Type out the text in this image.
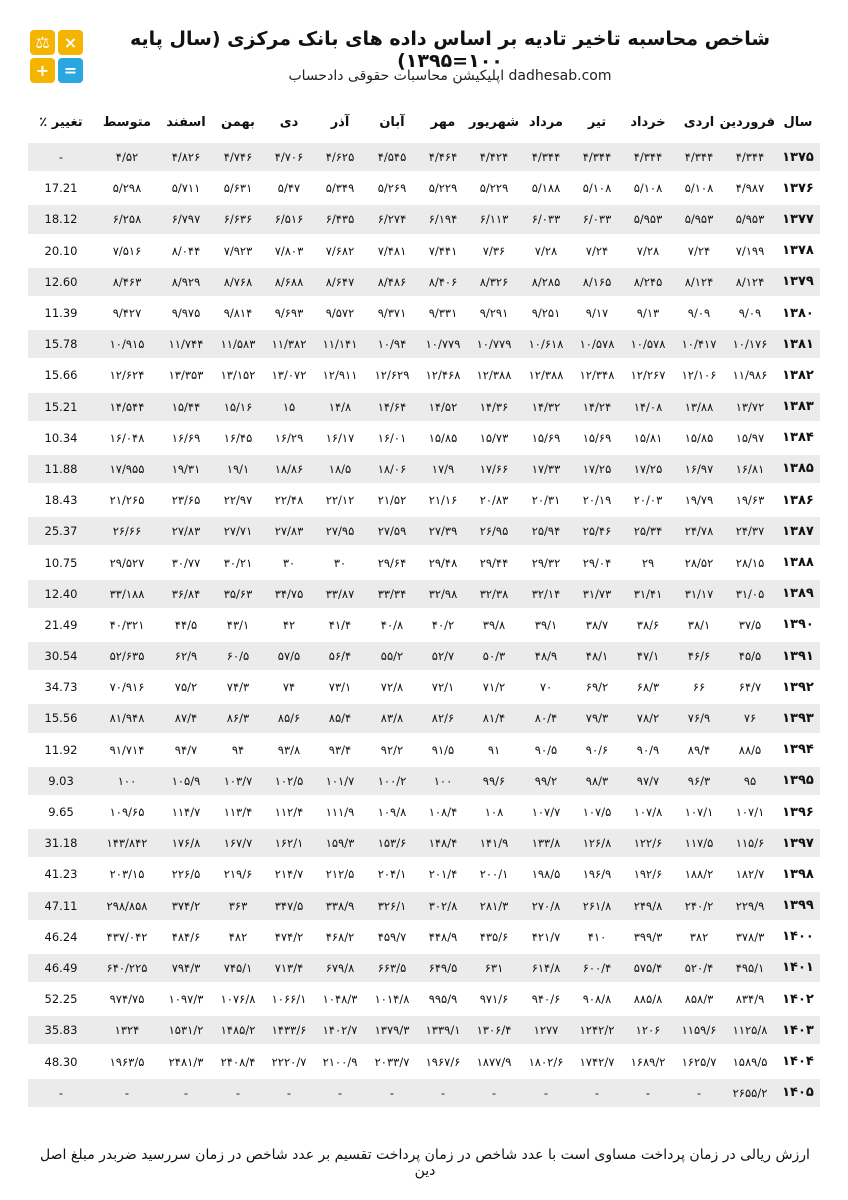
⚖ ×
+ =
شاخص محاسبه تاخیر تادیه بر اساس داده های بانک مرکزی (سال پایه ۱۰۰=۱۳۹۵)
dadhesab.com اپلیکیشن محاسبات حقوقی دادحساب
سال	فروردین	اردی	خرداد	تیر	مرداد	شهریور	مهر	آبان	آذر	دی	بهمن	اسفند	متوسط	تغییر ٪
۱۳۷۵	۴/۳۴۴	۴/۳۴۴	۴/۳۴۴	۴/۳۴۴	۴/۳۴۴	۴/۴۲۴	۴/۴۶۴	۴/۵۴۵	۴/۶۲۵	۴/۷۰۶	۴/۷۴۶	۴/۸۲۶	۴/۵۲	-
۱۳۷۶	۴/۹۸۷	۵/۱۰۸	۵/۱۰۸	۵/۱۰۸	۵/۱۸۸	۵/۲۲۹	۵/۲۲۹	۵/۲۶۹	۵/۳۴۹	۵/۴۷	۵/۶۳۱	۵/۷۱۱	۵/۲۹۸	17.21
۱۳۷۷	۵/۹۵۳	۵/۹۵۳	۵/۹۵۳	۶/۰۳۳	۶/۰۳۳	۶/۱۱۳	۶/۱۹۴	۶/۲۷۴	۶/۴۳۵	۶/۵۱۶	۶/۶۳۶	۶/۷۹۷	۶/۲۵۸	18.12
۱۳۷۸	۷/۱۹۹	۷/۲۴	۷/۲۸	۷/۲۴	۷/۲۸	۷/۳۶	۷/۴۴۱	۷/۴۸۱	۷/۶۸۲	۷/۸۰۳	۷/۹۲۳	۸/۰۴۴	۷/۵۱۶	20.10
۱۳۷۹	۸/۱۲۴	۸/۱۲۴	۸/۲۴۵	۸/۱۶۵	۸/۲۸۵	۸/۳۲۶	۸/۴۰۶	۸/۴۸۶	۸/۶۴۷	۸/۶۸۸	۸/۷۶۸	۸/۹۲۹	۸/۴۶۳	12.60
۱۳۸۰	۹/۰۹	۹/۰۹	۹/۱۳	۹/۱۷	۹/۲۵۱	۹/۲۹۱	۹/۳۳۱	۹/۳۷۱	۹/۵۷۲	۹/۶۹۳	۹/۸۱۴	۹/۹۷۵	۹/۴۲۷	11.39
۱۳۸۱	۱۰/۱۷۶	۱۰/۴۱۷	۱۰/۵۷۸	۱۰/۵۷۸	۱۰/۶۱۸	۱۰/۷۷۹	۱۰/۷۷۹	۱۰/۹۴	۱۱/۱۴۱	۱۱/۳۸۲	۱۱/۵۸۳	۱۱/۷۴۴	۱۰/۹۱۵	15.78
۱۳۸۲	۱۱/۹۸۶	۱۲/۱۰۶	۱۲/۲۶۷	۱۲/۳۴۸	۱۲/۳۸۸	۱۲/۳۸۸	۱۲/۴۶۸	۱۲/۶۲۹	۱۲/۹۱۱	۱۳/۰۷۲	۱۳/۱۵۲	۱۳/۳۵۳	۱۲/۶۲۴	15.66
۱۳۸۳	۱۳/۷۲	۱۳/۸۸	۱۴/۰۸	۱۴/۲۴	۱۴/۳۲	۱۴/۳۶	۱۴/۵۲	۱۴/۶۴	۱۴/۸	۱۵	۱۵/۱۶	۱۵/۴۴	۱۴/۵۴۴	15.21
۱۳۸۴	۱۵/۹۷	۱۵/۸۵	۱۵/۸۱	۱۵/۶۹	۱۵/۶۹	۱۵/۷۳	۱۵/۸۵	۱۶/۰۱	۱۶/۱۷	۱۶/۲۹	۱۶/۴۵	۱۶/۶۹	۱۶/۰۴۸	10.34
۱۳۸۵	۱۶/۸۱	۱۶/۹۷	۱۷/۲۵	۱۷/۲۵	۱۷/۳۳	۱۷/۶۶	۱۷/۹	۱۸/۰۶	۱۸/۵	۱۸/۸۶	۱۹/۱	۱۹/۳۱	۱۷/۹۵۵	11.88
۱۳۸۶	۱۹/۶۳	۱۹/۷۹	۲۰/۰۳	۲۰/۱۹	۲۰/۳۱	۲۰/۸۳	۲۱/۱۶	۲۱/۵۲	۲۲/۱۲	۲۲/۴۸	۲۲/۹۷	۲۳/۶۵	۲۱/۲۶۵	18.43
۱۳۸۷	۲۴/۳۷	۲۴/۷۸	۲۵/۳۴	۲۵/۴۶	۲۵/۹۴	۲۶/۹۵	۲۷/۳۹	۲۷/۵۹	۲۷/۹۵	۲۷/۸۳	۲۷/۷۱	۲۷/۸۳	۲۶/۶۶	25.37
۱۳۸۸	۲۸/۱۵	۲۸/۵۲	۲۹	۲۹/۰۴	۲۹/۳۲	۲۹/۴۴	۲۹/۴۸	۲۹/۶۴	۳۰	۳۰	۳۰/۲۱	۳۰/۷۷	۲۹/۵۲۷	10.75
۱۳۸۹	۳۱/۰۵	۳۱/۱۷	۳۱/۴۱	۳۱/۷۳	۳۲/۱۴	۳۲/۳۸	۳۲/۹۸	۳۳/۳۴	۳۳/۸۷	۳۴/۷۵	۳۵/۶۳	۳۶/۸۴	۳۳/۱۸۸	12.40
۱۳۹۰	۳۷/۵	۳۸/۱	۳۸/۶	۳۸/۷	۳۹/۱	۳۹/۸	۴۰/۲	۴۰/۸	۴۱/۴	۴۲	۴۳/۱	۴۴/۵	۴۰/۳۲۱	21.49
۱۳۹۱	۴۵/۵	۴۶/۶	۴۷/۱	۴۸/۱	۴۸/۹	۵۰/۳	۵۲/۷	۵۵/۲	۵۶/۴	۵۷/۵	۶۰/۵	۶۲/۹	۵۲/۶۳۵	30.54
۱۳۹۲	۶۴/۷	۶۶	۶۸/۳	۶۹/۲	۷۰	۷۱/۲	۷۲/۱	۷۲/۸	۷۳/۱	۷۴	۷۴/۳	۷۵/۲	۷۰/۹۱۶	34.73
۱۳۹۳	۷۶	۷۶/۹	۷۸/۲	۷۹/۳	۸۰/۴	۸۱/۴	۸۲/۶	۸۳/۸	۸۵/۴	۸۵/۶	۸۶/۳	۸۷/۴	۸۱/۹۴۸	15.56
۱۳۹۴	۸۸/۵	۸۹/۴	۹۰/۹	۹۰/۶	۹۰/۵	۹۱	۹۱/۵	۹۲/۲	۹۳/۴	۹۳/۸	۹۴	۹۴/۷	۹۱/۷۱۴	11.92
۱۳۹۵	۹۵	۹۶/۳	۹۷/۷	۹۸/۳	۹۹/۲	۹۹/۶	۱۰۰	۱۰۰/۲	۱۰۱/۷	۱۰۲/۵	۱۰۳/۷	۱۰۵/۹	۱۰۰	9.03
۱۳۹۶	۱۰۷/۱	۱۰۷/۱	۱۰۷/۸	۱۰۷/۵	۱۰۷/۷	۱۰۸	۱۰۸/۴	۱۰۹/۸	۱۱۱/۹	۱۱۲/۴	۱۱۳/۴	۱۱۴/۷	۱۰۹/۶۵	9.65
۱۳۹۷	۱۱۵/۶	۱۱۷/۵	۱۲۲/۶	۱۲۶/۸	۱۳۳/۸	۱۴۱/۹	۱۴۸/۴	۱۵۳/۶	۱۵۹/۳	۱۶۲/۱	۱۶۷/۷	۱۷۶/۸	۱۴۳/۸۴۲	31.18
۱۳۹۸	۱۸۲/۷	۱۸۸/۲	۱۹۲/۶	۱۹۶/۹	۱۹۸/۵	۲۰۰/۱	۲۰۱/۴	۲۰۴/۱	۲۱۲/۵	۲۱۴/۷	۲۱۹/۶	۲۲۶/۵	۲۰۳/۱۵	41.23
۱۳۹۹	۲۲۹/۹	۲۴۰/۲	۲۴۹/۸	۲۶۱/۸	۲۷۰/۸	۲۸۱/۳	۳۰۲/۸	۳۲۶/۱	۳۳۸/۹	۳۴۷/۵	۳۶۳	۳۷۴/۲	۲۹۸/۸۵۸	47.11
۱۴۰۰	۳۷۸/۳	۳۸۲	۳۹۹/۳	۴۱۰	۴۲۱/۷	۴۳۵/۶	۴۴۸/۹	۴۵۹/۷	۴۶۸/۲	۴۷۴/۲	۴۸۲	۴۸۴/۶	۴۳۷/۰۴۲	46.24
۱۴۰۱	۴۹۵/۱	۵۲۰/۴	۵۷۵/۴	۶۰۰/۴	۶۱۴/۸	۶۳۱	۶۴۹/۵	۶۶۳/۵	۶۷۹/۸	۷۱۳/۴	۷۴۵/۱	۷۹۴/۳	۶۴۰/۲۲۵	46.49
۱۴۰۲	۸۳۴/۹	۸۵۸/۳	۸۸۵/۸	۹۰۸/۸	۹۴۰/۶	۹۷۱/۶	۹۹۵/۹	۱۰۱۴/۸	۱۰۴۸/۳	۱۰۶۶/۱	۱۰۷۶/۸	۱۰۹۷/۳	۹۷۴/۷۵	52.25
۱۴۰۳	۱۱۲۵/۸	۱۱۵۹/۶	۱۲۰۶	۱۲۴۲/۲	۱۲۷۷	۱۳۰۶/۴	۱۳۳۹/۱	۱۳۷۹/۳	۱۴۰۲/۷	۱۴۳۳/۶	۱۴۸۵/۲	۱۵۳۱/۲	۱۳۲۴	35.83
۱۴۰۴	۱۵۸۹/۵	۱۶۲۵/۷	۱۶۸۹/۲	۱۷۴۲/۷	۱۸۰۲/۶	۱۸۷۷/۹	۱۹۶۷/۶	۲۰۳۳/۷	۲۱۰۰/۹	۲۲۲۰/۷	۲۴۰۸/۴	۲۴۸۱/۳	۱۹۶۳/۵	48.30
۱۴۰۵	۲۶۵۵/۲	-	-	-	-	-	-	-	-	-	-	-	-	-
ارزش ریالی در زمان پرداخت مساوی است با عدد شاخص در زمان پرداخت تقسیم بر عدد شاخص در زمان سررسید ضربدر مبلغ اصل دین
